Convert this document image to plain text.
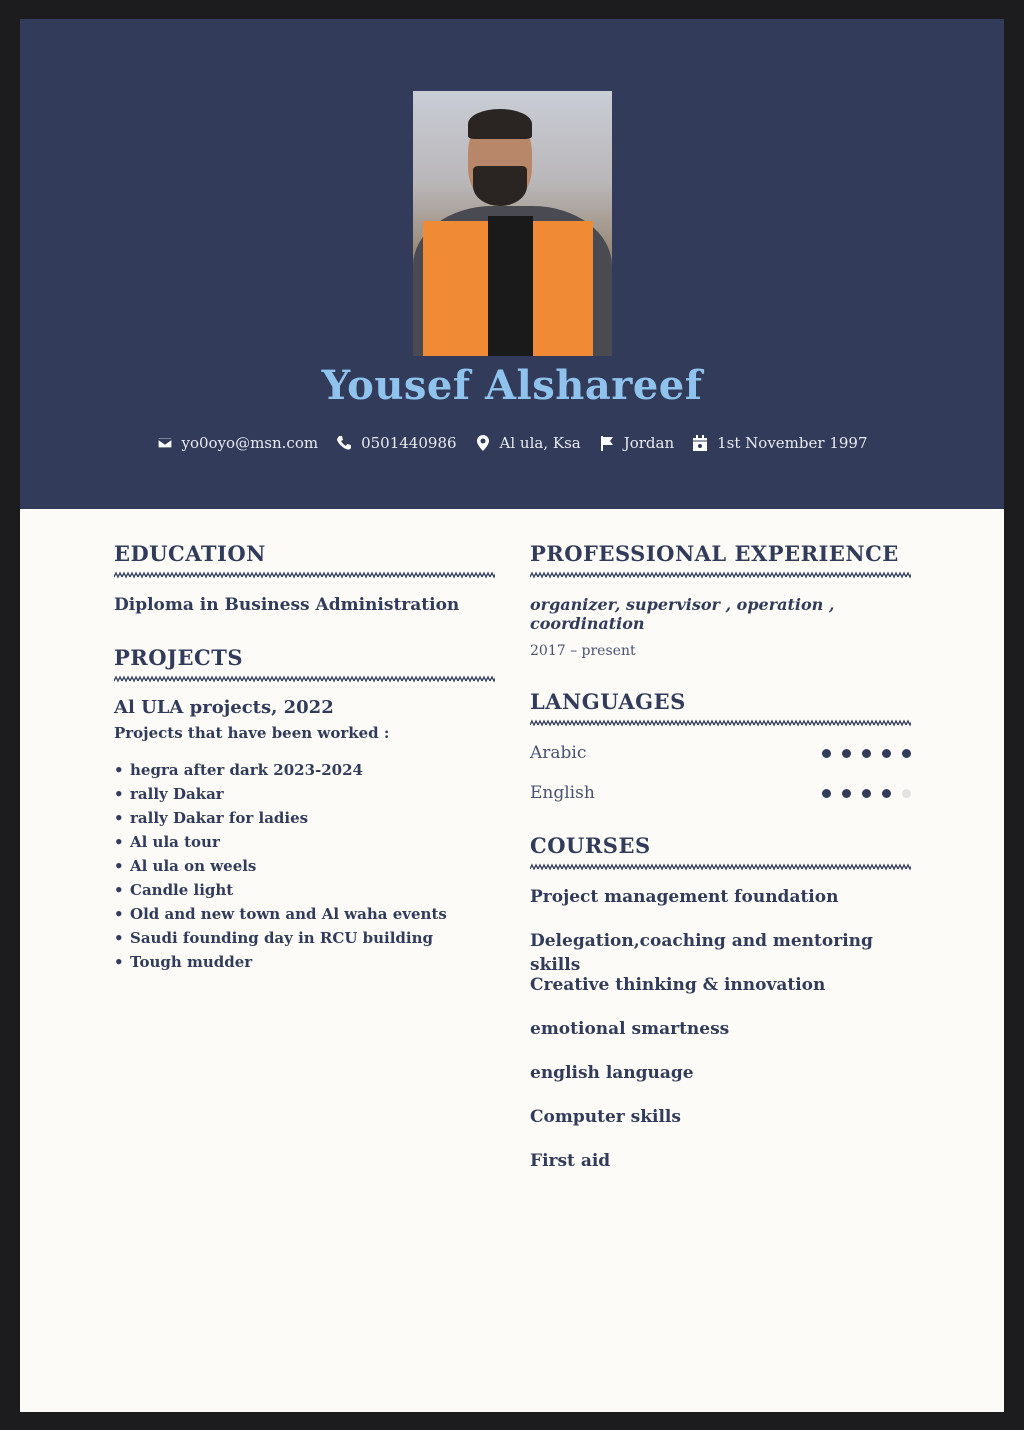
Yousef Alshareef
yo0oyo@msn.com	0501440986	Al ula, Ksa	Jordan	1st November 1997
EDUCATION
Diploma in Business Administration
PROJECTS
Al ULA projects, 2022
Projects that have been worked :
• hegra after dark 2023-2024
• rally Dakar
• rally Dakar for ladies
• Al ula tour
• Al ula on weels
• Candle light
• Old and new town and Al waha events
• Saudi founding day in RCU building
• Tough mudder
PROFESSIONAL EXPERIENCE
organizer, supervisor , operation , coordination
2017 – present
LANGUAGES
Arabic
English
COURSES
Project management foundation
Delegation,coaching and mentoring skills
Creative thinking & innovation
emotional smartness
english language
Computer skills
First aid
